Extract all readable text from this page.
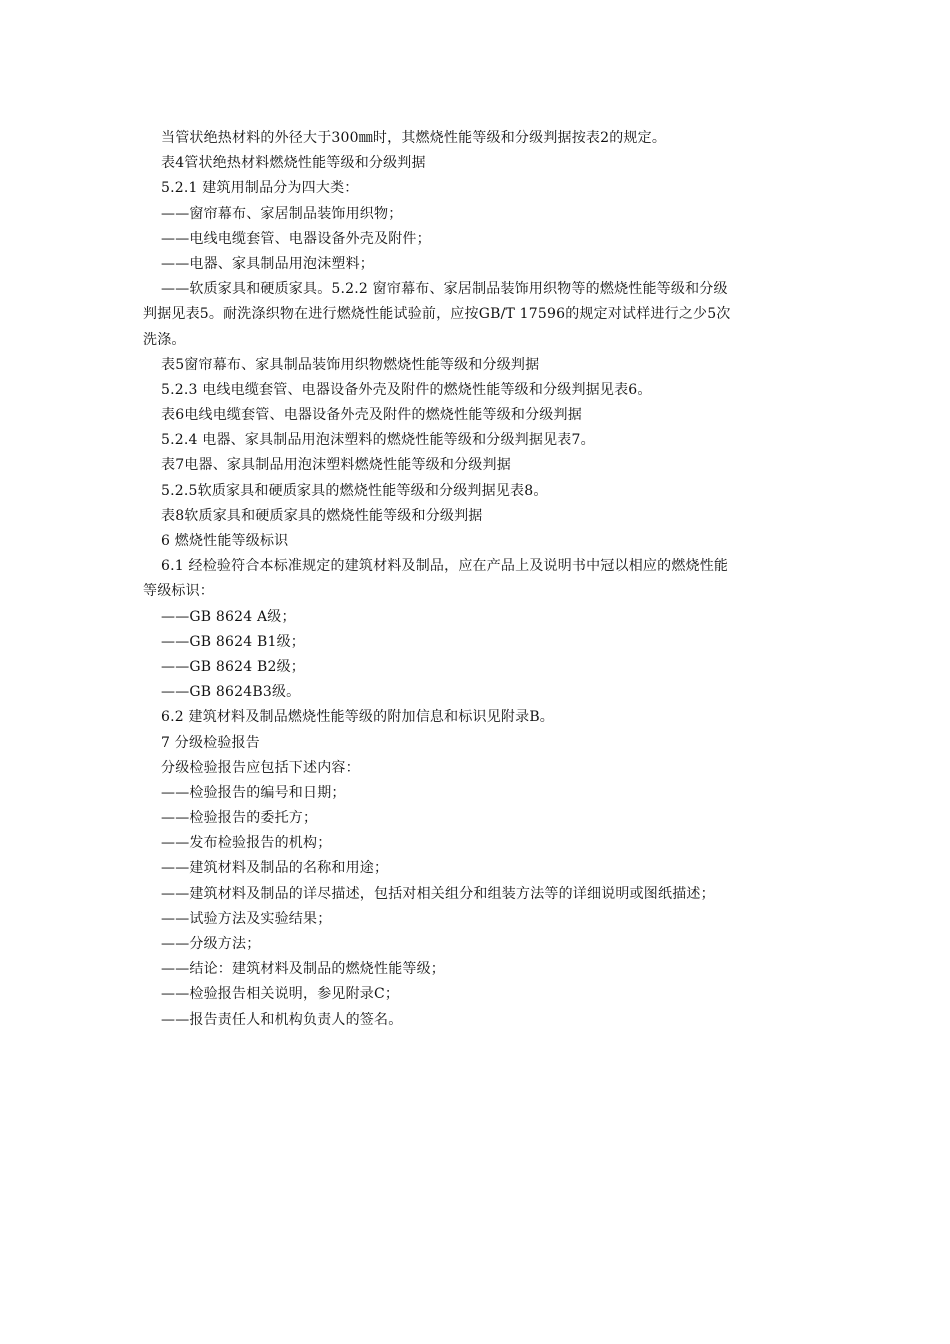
当管状绝热材料的外径大于300㎜时，其燃烧性能等级和分级判据按表2的规定。
表4管状绝热材料燃烧性能等级和分级判据
5.2.1 建筑用制品分为四大类：
——窗帘幕布、家居制品装饰用织物；
——电线电缆套管、电器设备外壳及附件；
——电器、家具制品用泡沫塑料；
——软质家具和硬质家具。5.2.2 窗帘幕布、家居制品装饰用织物等的燃烧性能等级和分级
判据见表5。耐洗涤织物在进行燃烧性能试验前，应按GB/T 17596的规定对试样进行之少5次
洗涤。
表5窗帘幕布、家具制品装饰用织物燃烧性能等级和分级判据
5.2.3 电线电缆套管、电器设备外壳及附件的燃烧性能等级和分级判据见表6。
表6电线电缆套管、电器设备外壳及附件的燃烧性能等级和分级判据
5.2.4 电器、家具制品用泡沫塑料的燃烧性能等级和分级判据见表7。
表7电器、家具制品用泡沫塑料燃烧性能等级和分级判据
5.2.5软质家具和硬质家具的燃烧性能等级和分级判据见表8。
表8软质家具和硬质家具的燃烧性能等级和分级判据
6 燃烧性能等级标识
6.1 经检验符合本标准规定的建筑材料及制品，应在产品上及说明书中冠以相应的燃烧性能
等级标识：
——GB 8624 A级；
——GB 8624 B1级；
——GB 8624 B2级；
——GB 8624B3级。
6.2 建筑材料及制品燃烧性能等级的附加信息和标识见附录B。
7 分级检验报告
分级检验报告应包括下述内容：
——检验报告的编号和日期；
——检验报告的委托方；
——发布检验报告的机构；
——建筑材料及制品的名称和用途；
——建筑材料及制品的详尽描述，包括对相关组分和组装方法等的详细说明或图纸描述；
——试验方法及实验结果；
——分级方法；
——结论：建筑材料及制品的燃烧性能等级；
——检验报告相关说明，参见附录C；
——报告责任人和机构负责人的签名。
